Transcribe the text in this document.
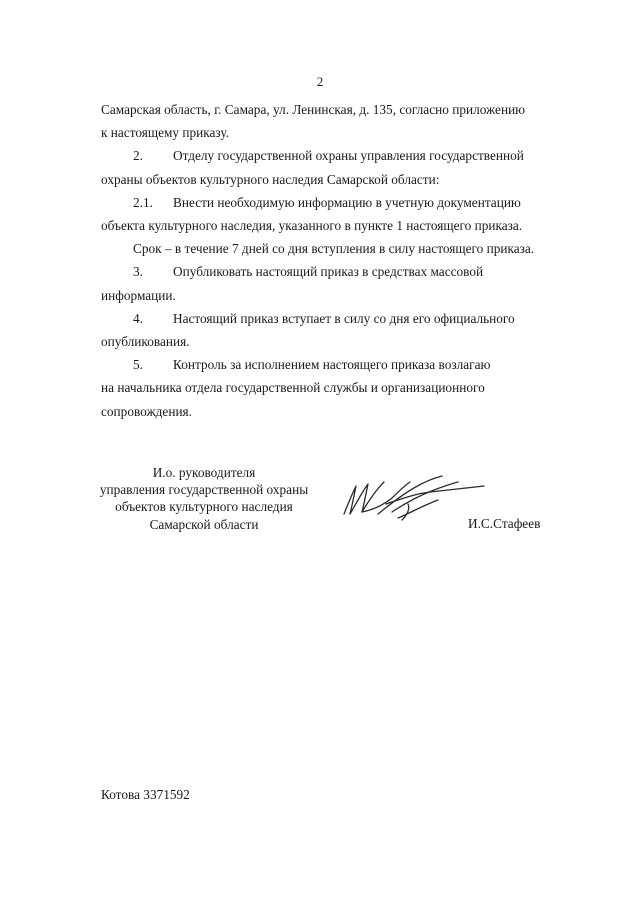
2

Самарская область, г. Самара, ул. Ленинская, д. 135, согласно приложению

к настоящему приказу.

2. Отделу государственной охраны управления государственной

охраны объектов культурного наследия Самарской области:

2.1. Внести необходимую информацию в учетную документацию

объекта культурного наследия, указанного в пункте 1 настоящего приказа.

Срок – в течение 7 дней со дня вступления в силу настоящего приказа.

3. Опубликовать настоящий приказ в средствах массовой

информации.

4. Настоящий приказ вступает в силу со дня его официального

опубликования.

5. Контроль за исполнением настоящего приказа возлагаю

на начальника отдела государственной службы и организационного

сопровождения.

И.о. руководителя
управления государственной охраны
объектов культурного наследия
Самарской области	И.С.Стафеев
Котова 3371592
